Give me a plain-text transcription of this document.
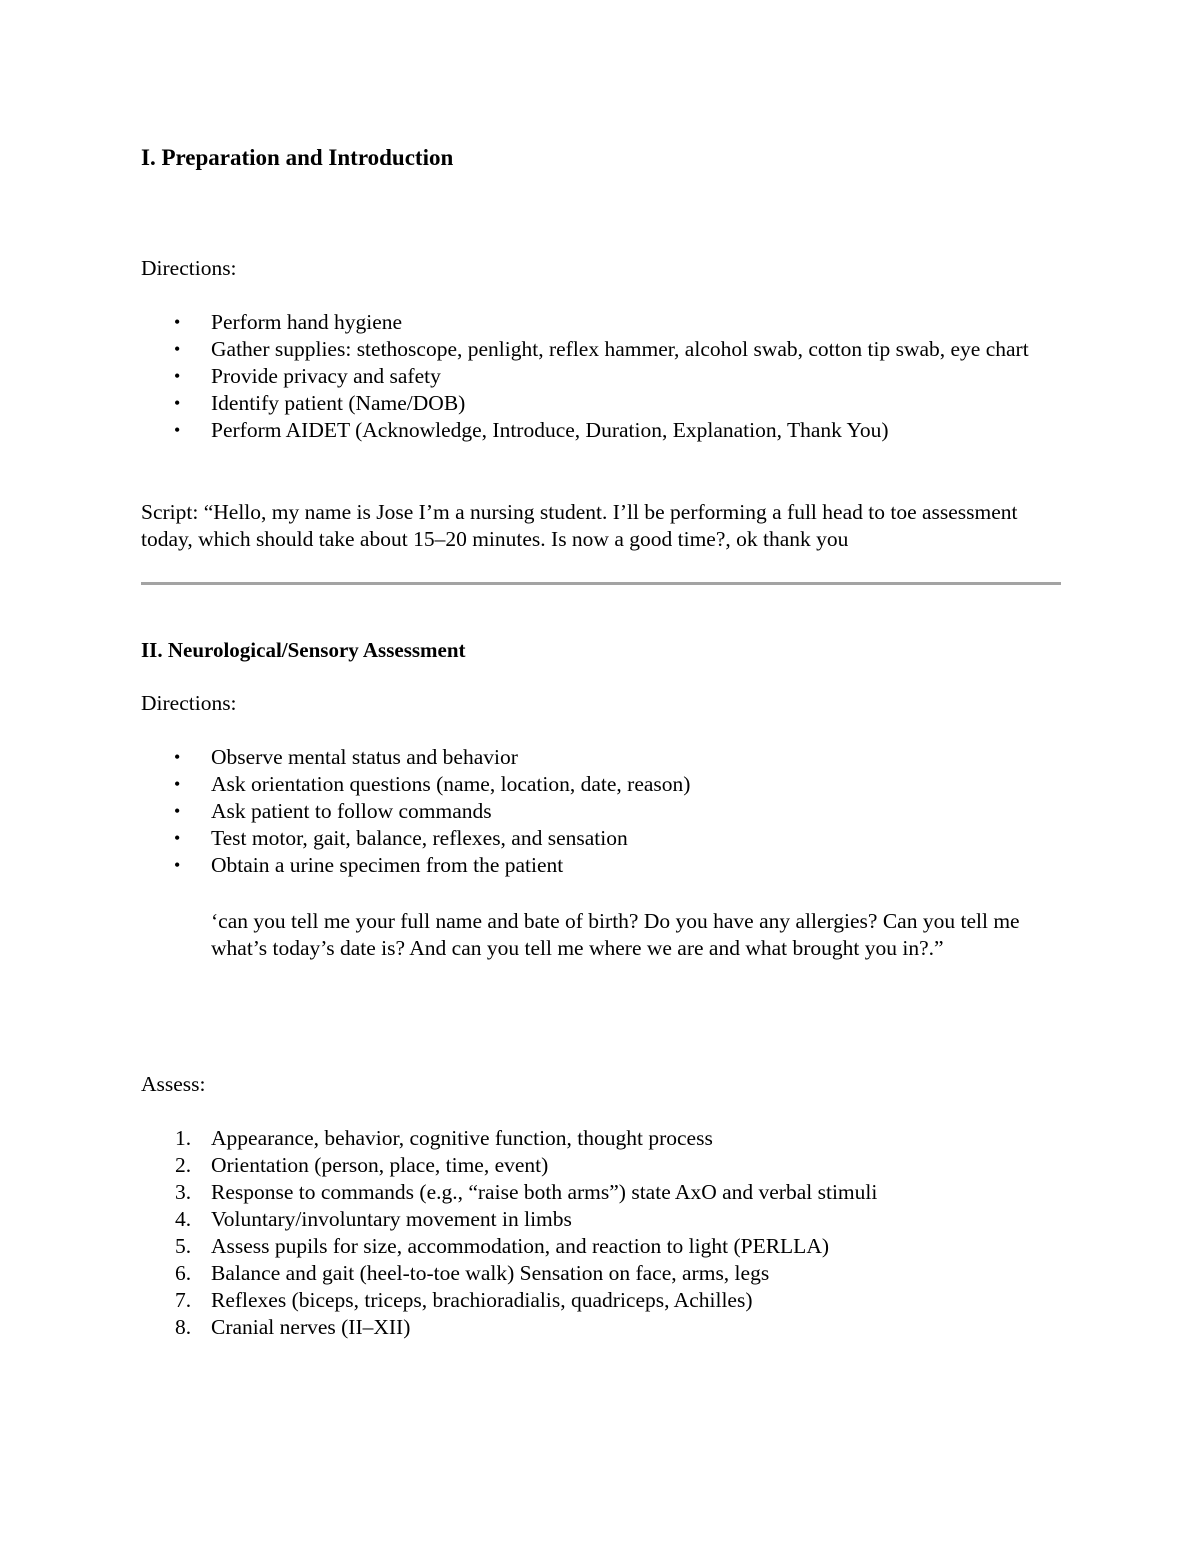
I. Preparation and Introduction

Directions:

• Perform hand hygiene
• Gather supplies: stethoscope, penlight, reflex hammer, alcohol swab, cotton tip swab, eye chart
• Provide privacy and safety
• Identify patient (Name/DOB)
• Perform AIDET (Acknowledge, Introduce, Duration, Explanation, Thank You)

Script: “Hello, my name is Jose I’m a nursing student. I’ll be performing a full head to toe assessment today, which should take about 15–20 minutes. Is now a good time?, ok thank you

II. Neurological/Sensory Assessment

Directions:

• Observe mental status and behavior
• Ask orientation questions (name, location, date, reason)
• Ask patient to follow commands
• Test motor, gait, balance, reflexes, and sensation
• Obtain a urine specimen from the patient

‘can you tell me your full name and bate of birth? Do you have any allergies? Can you tell me what’s today’s date is? And can you tell me where we are and what brought you in?.”

Assess:

1. Appearance, behavior, cognitive function, thought process
2. Orientation (person, place, time, event)
3. Response to commands (e.g., “raise both arms”) state AxO and verbal stimuli
4. Voluntary/involuntary movement in limbs
5. Assess pupils for size, accommodation, and reaction to light (PERLLA)
6. Balance and gait (heel-to-toe walk) Sensation on face, arms, legs
7. Reflexes (biceps, triceps, brachioradialis, quadriceps, Achilles)
8. Cranial nerves (II–XII)
